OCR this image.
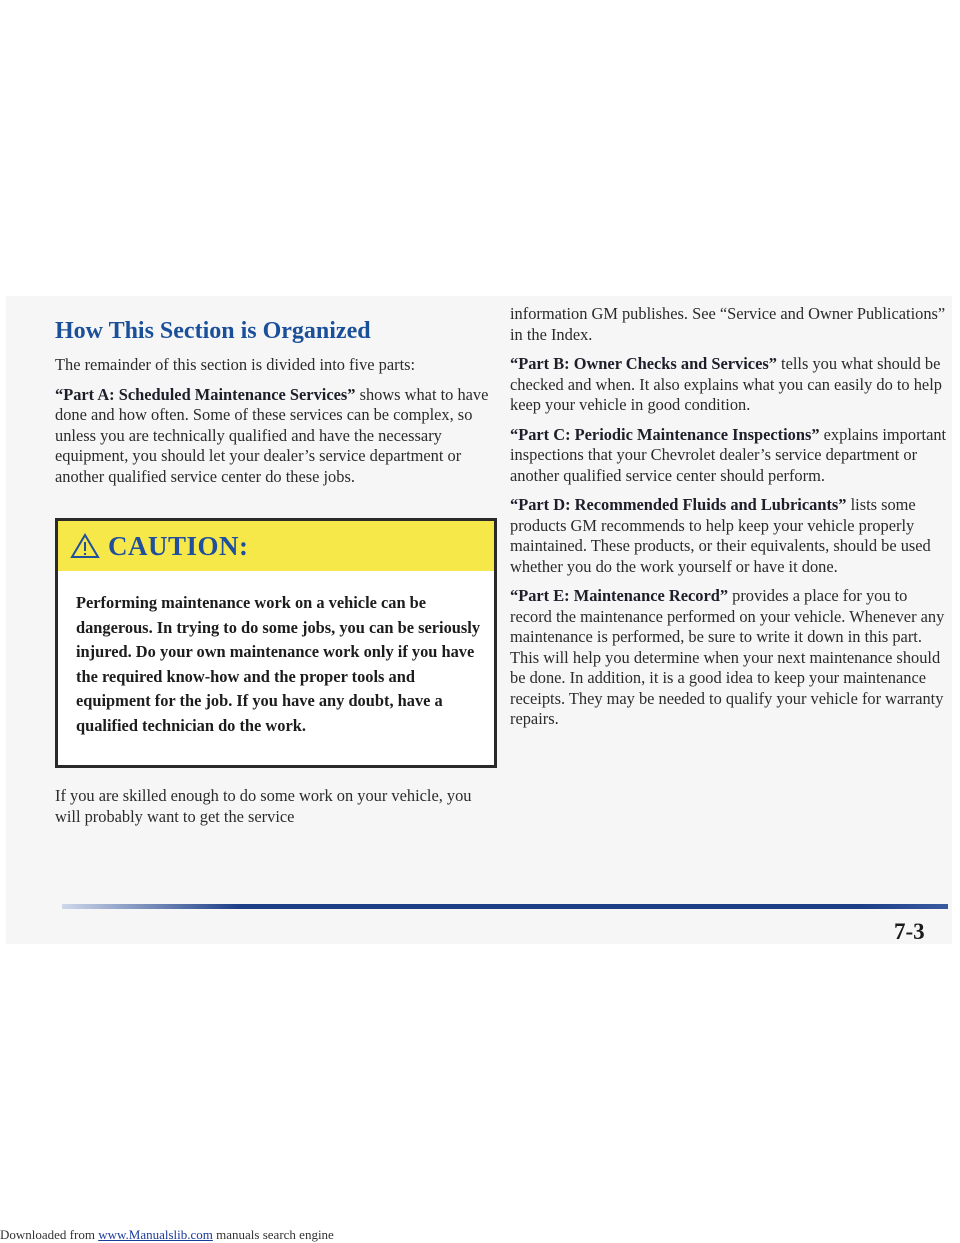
How This Section is Organized

The remainder of this section is divided into five parts:

“Part A: Scheduled Maintenance Services” shows what to have done and how often. Some of these services can be complex, so unless you are technically qualified and have the necessary equipment, you should let your dealer’s service department or another qualified service center do these jobs.

CAUTION:
Performing maintenance work on a vehicle can be dangerous. In trying to do some jobs, you can be seriously injured. Do your own maintenance work only if you have the required know-how and the proper tools and equipment for the job. If you have any doubt, have a qualified technician do the work.

If you are skilled enough to do some work on your vehicle, you will probably want to get the service

information GM publishes. See “Service and Owner Publications” in the Index.

“Part B: Owner Checks and Services” tells you what should be checked and when. It also explains what you can easily do to help keep your vehicle in good condition.

“Part C: Periodic Maintenance Inspections” explains important inspections that your Chevrolet dealer’s service department or another qualified service center should perform.

“Part D: Recommended Fluids and Lubricants” lists some products GM recommends to help keep your vehicle properly maintained. These products, or their equivalents, should be used whether you do the work yourself or have it done.

“Part E: Maintenance Record” provides a place for you to record the maintenance performed on your vehicle. Whenever any maintenance is performed, be sure to write it down in this part. This will help you determine when your next maintenance should be done. In addition, it is a good idea to keep your maintenance receipts. They may be needed to qualify your vehicle for warranty repairs.

7-3
Downloaded from www.Manualslib.com manuals search engine
